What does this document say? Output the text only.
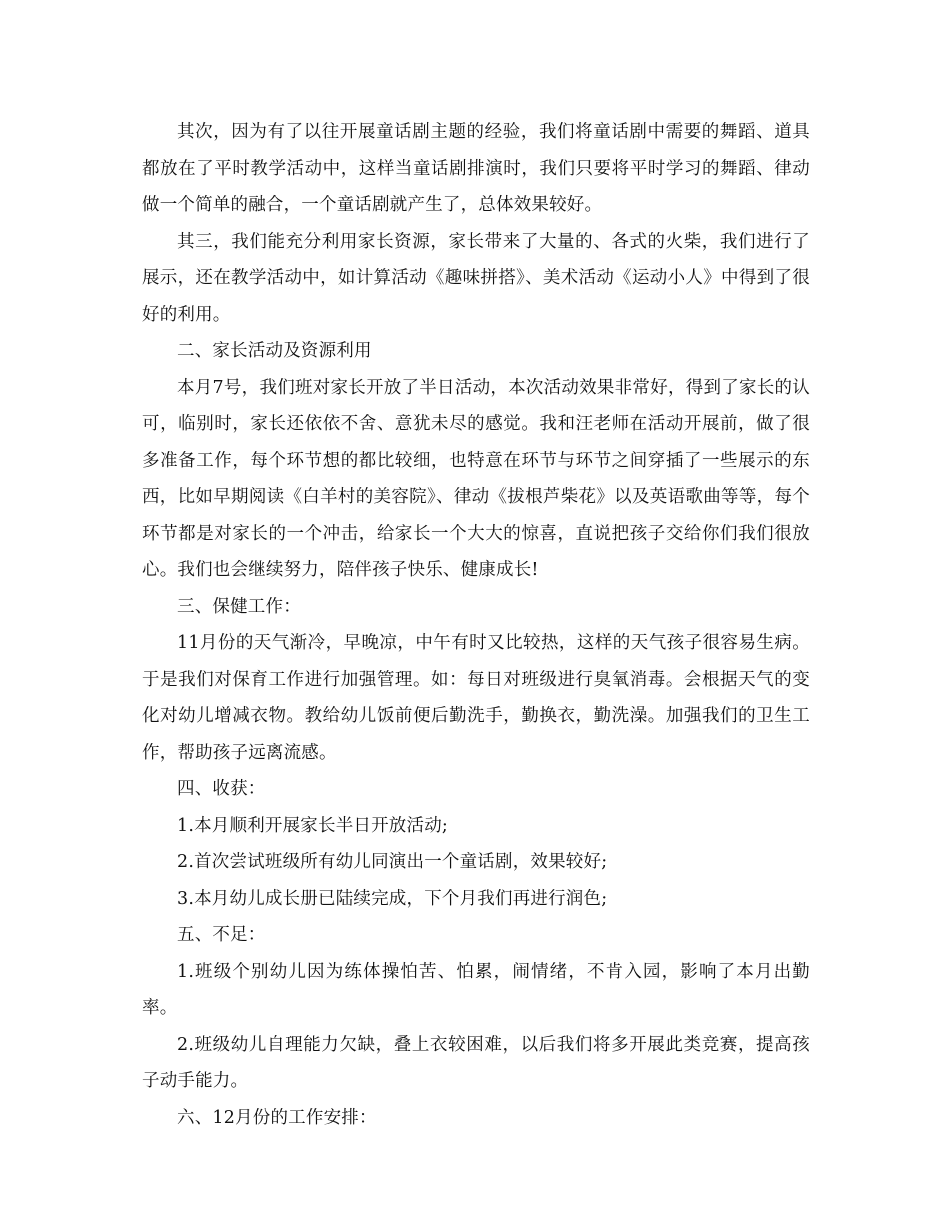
其次，因为有了以往开展童话剧主题的经验，我们将童话剧中需要的舞蹈、道具都放在了平时教学活动中，这样当童话剧排演时，我们只要将平时学习的舞蹈、律动做一个简单的融合，一个童话剧就产生了，总体效果较好。

其三，我们能充分利用家长资源，家长带来了大量的、各式的火柴，我们进行了展示，还在教学活动中，如计算活动《趣味拼搭》、美术活动《运动小人》中得到了很好的利用。

二、家长活动及资源利用

本月7号，我们班对家长开放了半日活动，本次活动效果非常好，得到了家长的认可，临别时，家长还依依不舍、意犹未尽的感觉。我和汪老师在活动开展前，做了很多准备工作，每个环节想的都比较细，也特意在环节与环节之间穿插了一些展示的东西，比如早期阅读《白羊村的美容院》、律动《拔根芦柴花》以及英语歌曲等等，每个环节都是对家长的一个冲击，给家长一个大大的惊喜，直说把孩子交给你们我们很放心。我们也会继续努力，陪伴孩子快乐、健康成长!

三、保健工作：

11月份的天气渐冷，早晚凉，中午有时又比较热，这样的天气孩子很容易生病。于是我们对保育工作进行加强管理。如：每日对班级进行臭氧消毒。会根据天气的变化对幼儿增减衣物。教给幼儿饭前便后勤洗手，勤换衣，勤洗澡。加强我们的卫生工作，帮助孩子远离流感。

四、收获：

1.本月顺利开展家长半日开放活动;

2.首次尝试班级所有幼儿同演出一个童话剧，效果较好;

3.本月幼儿成长册已陆续完成，下个月我们再进行润色;

五、不足：

1.班级个别幼儿因为练体操怕苦、怕累，闹情绪，不肯入园，影响了本月出勤率。

2.班级幼儿自理能力欠缺，叠上衣较困难，以后我们将多开展此类竞赛，提高孩子动手能力。

六、12月份的工作安排：
